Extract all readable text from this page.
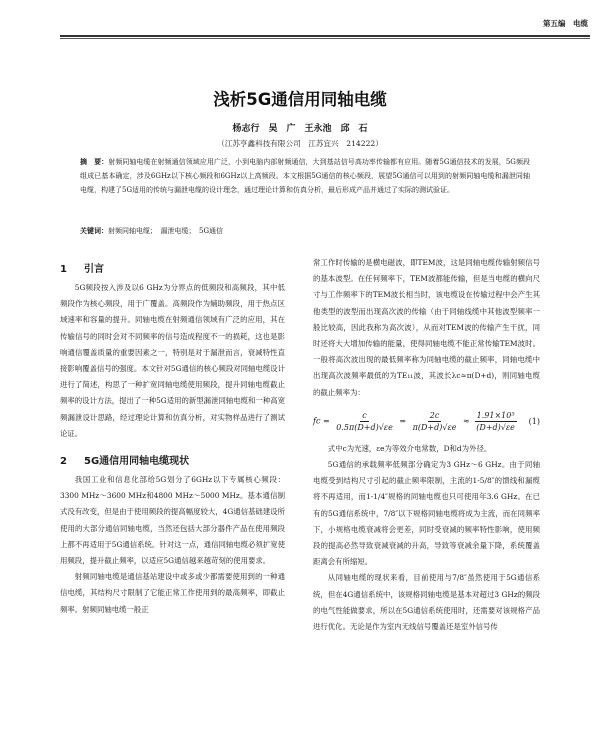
第五编　电缆
浅析5G通信用同轴电缆
杨志行　吴　广　王永池　邱　石
（江苏亨鑫科技有限公司　江苏宜兴　214222）
摘　要：射频同轴电缆在射频通信领域应用广泛，小到电脑内部射频通信，大到基站信号高功率传输都有应用。随着5G通信技术的发展，5G频段组成已基本确定，涉及6GHz以下核心频段和6GHz以上高频段。本文根据5G通信的核心频段，展望5G通信可以用到的射频同轴电缆和漏泄同轴电缆，构建了5G适用的传统与漏泄电缆的设计理念，通过理论计算和仿真分析，最后形成产品并通过了实际的测试验证。
关键词：射频同轴电缆；　漏泄电缆；　5G通信
1 引言

5G频段按入涉及以6 GHz为分界点的低频段和高频段，其中低频段作为核心频段，用于广覆盖。高频段作为辅助频段，用于热点区域速率和容量的提升。同轴电缆在射频通信领域有广泛的应用，其在传输信号的同时会对不同频率的信号造成程度不一的损耗，这也是影响通信覆盖质量的重要因素之一，特别是对于漏泄而言，衰减特性直接影响覆盖信号的强度。本文针对5G通信的核心频段对同轴电缆设计进行了简述，构思了一种扩宽同轴电缆使用频段，提升同轴电缆截止频率的设计方法，提出了一种5G适用的新型漏泄同轴电缆和一种高宽频漏泄设计思路，经过理论计算和仿真分析，对实物样品进行了测试论证。

2 5G通信用同轴电缆现状

我国工业和信息化部给5G划分了6GHz以下专属核心频段：3300 MHz～3600 MHz和4800 MHz～5000 MHz。基本通信制式没有改变，但是由于使用频段的提高幅度较大，4G通信基础建设所使用的大部分通信同轴电缆，当然还包括大部分器件产品在使用频段上都不再适用于5G通信系统。针对这一点，通信同轴电缆必须扩宽使用频段，提升截止频率，以适应5G通信越来越苛刻的使用要求。

射频同轴电缆是通信基站建设中或多或少都需要使用到的一种通信电缆，其结构尺寸限制了它能正常工作使用到的最高频率，即截止频率。射频同轴电缆一般正

常工作时传输的是横电磁波，即TEM波，这是同轴电缆传输射频信号的基本波型。在任何频率下，TEM波都能传输，但是当电缆的横向尺寸与工作频率下的TEM波长相当时，该电缆设在传输过程中会产生其他类型的波型而出现高次波的传输（由于同轴线缆中其他波型频率一般比较高，因此我称为高次波），从而对TEM波的传输产生干扰，同时还将大大增加传输的能量，使得同轴电缆不能正常传输TEM波时。一般将高次波出现的最低频率称为同轴电缆的截止频率，同轴电缆中出现高次波频率最低的为TE₁₁波，其波长λc≈π(D+d)，则同轴电缆的截止频率为：

fc = $\frac{c}{0.5\pi(D+d)√\varepsilon e} = \frac{2c}{\pi(D+d)√\varepsilon e} \approx \frac{\text{1.91×10⁵}}{(D+d)√\varepsilon e} (1)$

式中c为光速，εe为等效介电常数，D和d为外径。

5G通信的承载频率低频部分确定为3 GHz～6 GHz。由于同轴电缆受到结构尺寸引起的截止频率限制，主流的1-5/8″的馈线和漏缆将不再适用，而1-1/4″规格的同轴电缆也只可使用年3.6 GHz。在已有的5G通信系统中，7/8″以下规格同轴电缆将成为主流，而在同频率下，小规格电缆衰减将会更差，同时受衰减的频率特性影响，使用频段的提高必然导致衰减衰减的升高，导致等衰减余量下降，系统覆盖距离会有所缩短。

从同轴电缆的现状来看，目前使用与7/8″虽然使用于5G通信系统，但在4G通信系统中，该规格同轴电缆是基本对超过3 GHz的频段的电气性能做要求，所以在5G通信系统使用时，还需要对该规格产品进行优化。无论是作为室内无线信号覆盖还是室外信号传
